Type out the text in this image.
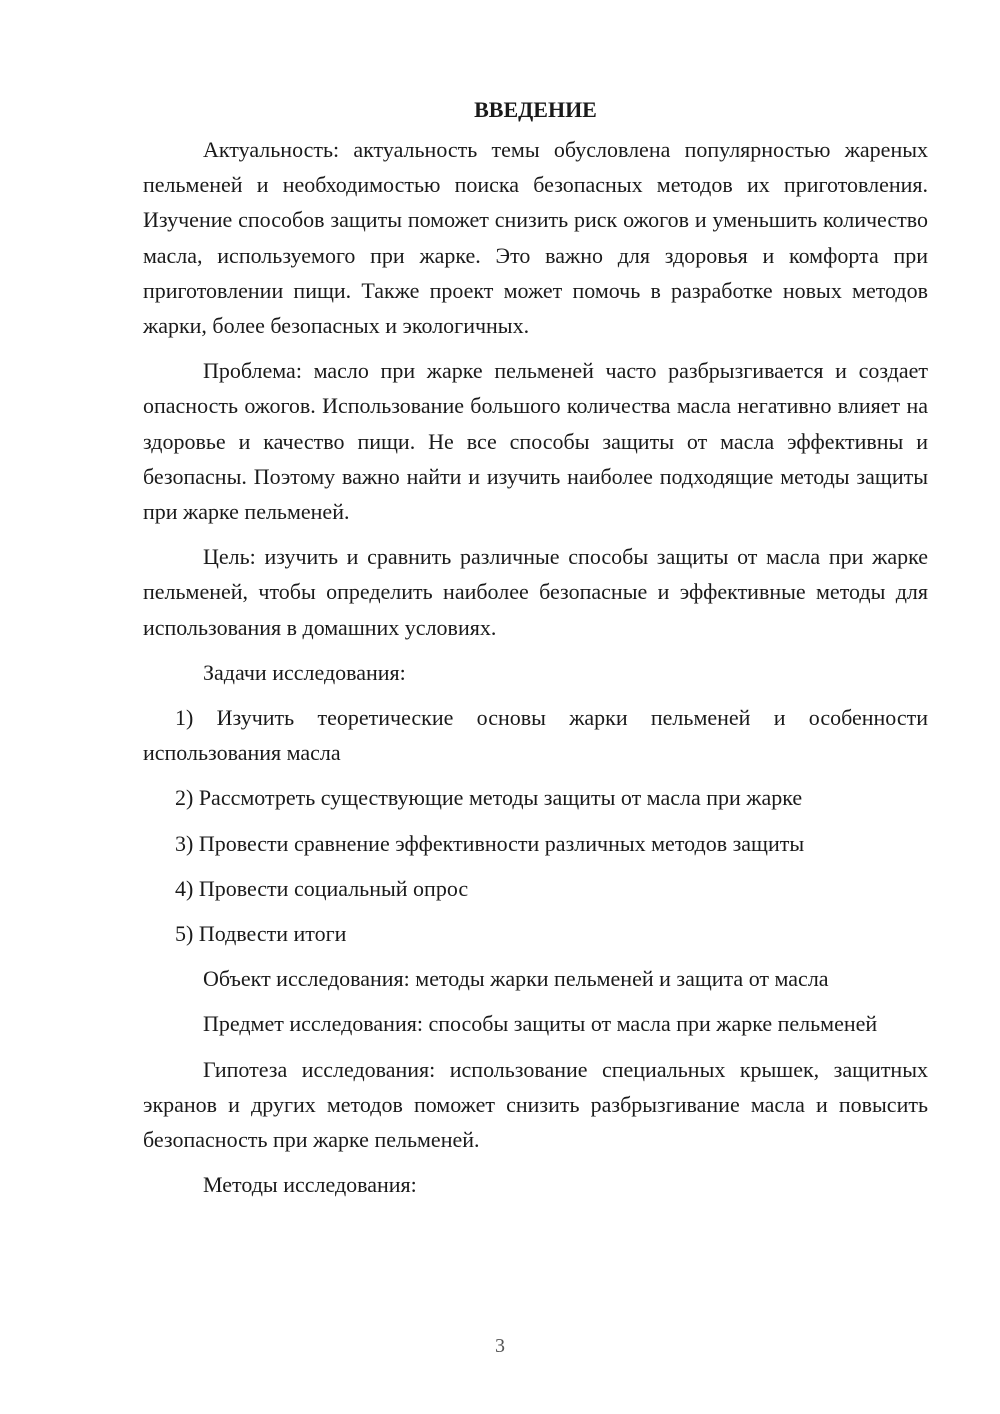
ВВЕДЕНИЕ

Актуальность: актуальность темы обусловлена популярностью жареных пельменей и необходимостью поиска безопасных методов их приготовления. Изучение способов защиты поможет снизить риск ожогов и уменьшить количество масла, используемого при жарке. Это важно для здоровья и комфорта при приготовлении пищи. Также проект может помочь в разработке новых методов жарки, более безопасных и экологичных.

Проблема: масло при жарке пельменей часто разбрызгивается и создает опасность ожогов. Использование большого количества масла негативно влияет на здоровье и качество пищи. Не все способы защиты от масла эффективны и безопасны. Поэтому важно найти и изучить наиболее подходящие методы защиты при жарке пельменей.

Цель: изучить и сравнить различные способы защиты от масла при жарке пельменей, чтобы определить наиболее безопасные и эффективные методы для использования в домашних условиях.

Задачи исследования:

1) Изучить теоретические основы жарки пельменей и особенности использования масла

2) Рассмотреть существующие методы защиты от масла при жарке

3) Провести сравнение эффективности различных методов защиты

4) Провести социальный опрос

5) Подвести итоги

Объект исследования: методы жарки пельменей и защита от масла

Предмет исследования: способы защиты от масла при жарке пельменей

Гипотеза исследования: использование специальных крышек, защитных экранов и других методов поможет снизить разбрызгивание масла и повысить безопасность при жарке пельменей.

Методы исследования:

3
